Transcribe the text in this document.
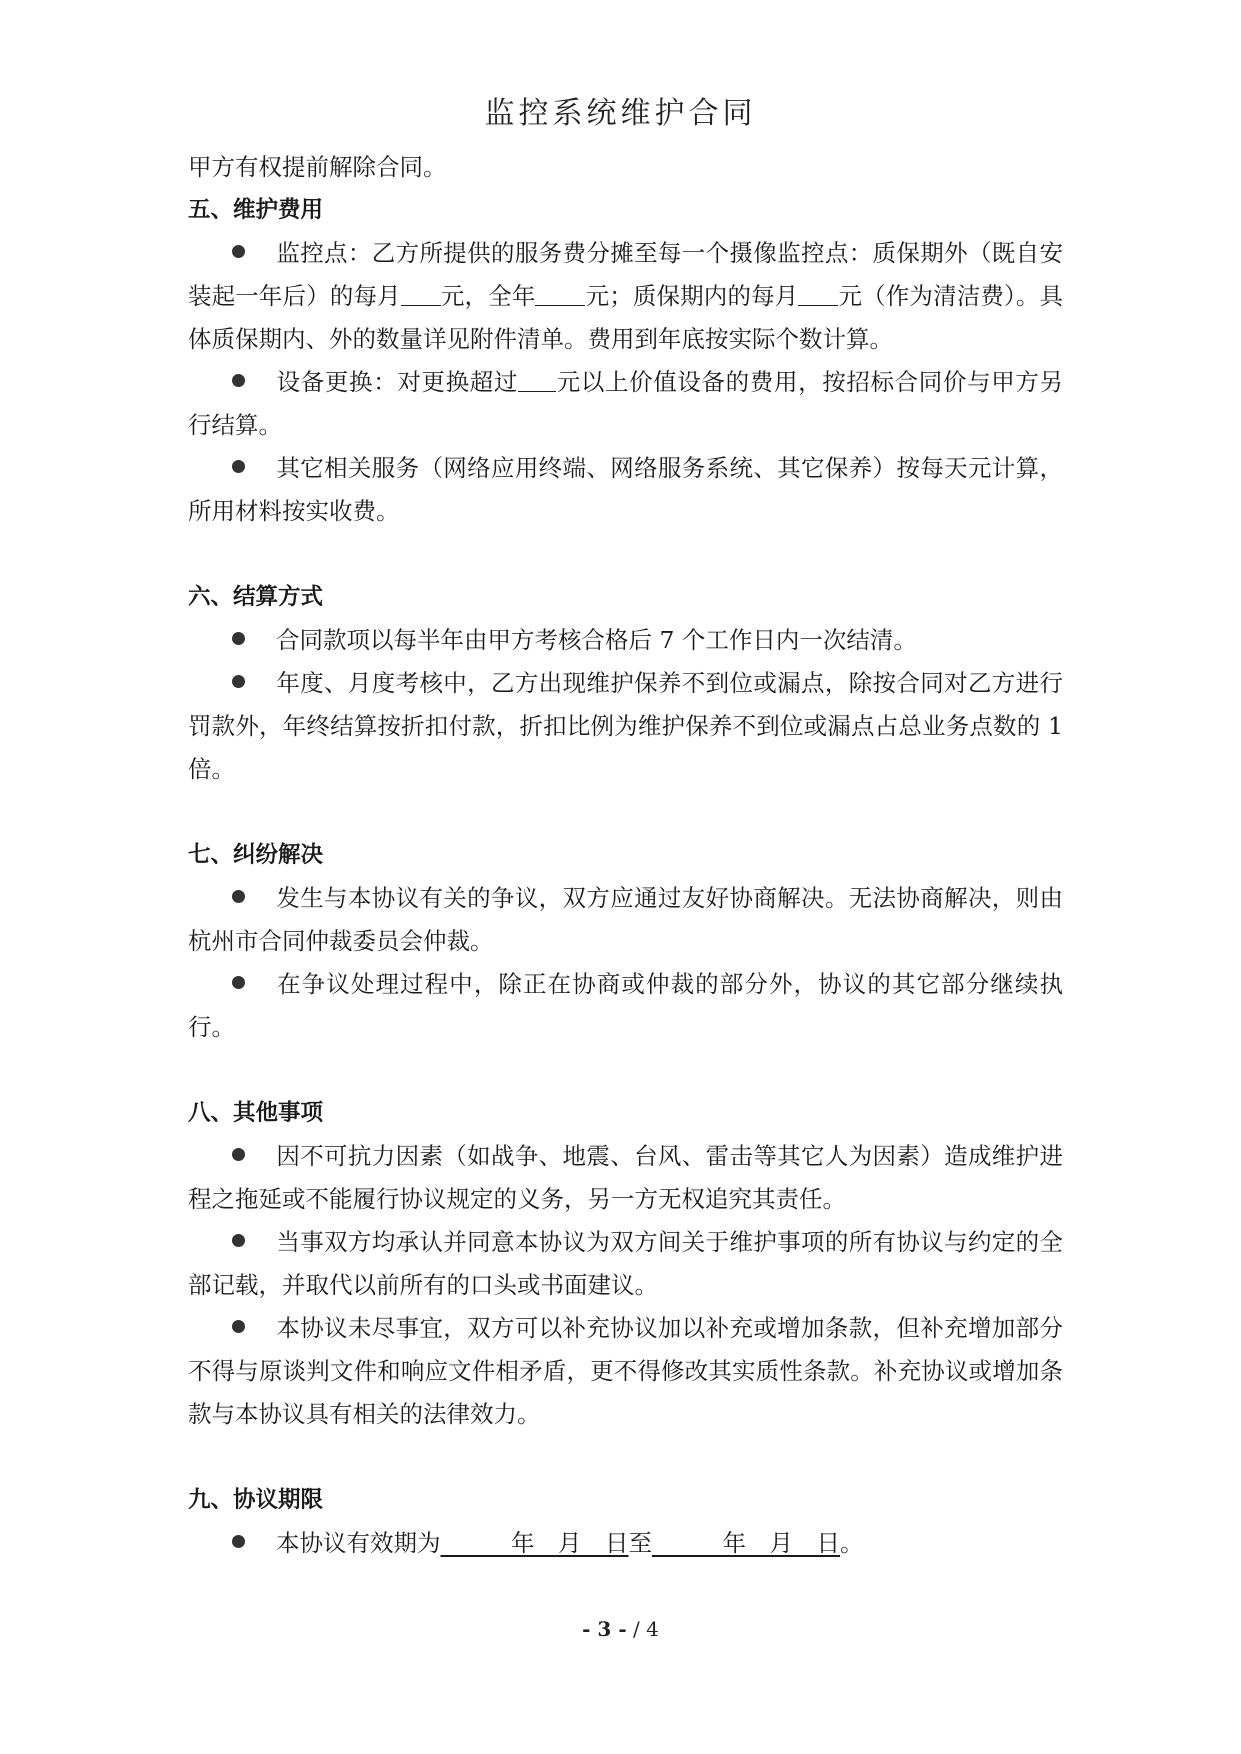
监控系统维护合同

甲方有权提前解除合同。

五、维护费用

监控点：乙方所提供的服务费分摊至每一个摄像监控点：质保期外（既自安装起一年后）的每月 元，全年 元；质保期内的每月 元（作为清洁费）。具体质保期内、外的数量详见附件清单。费用到年底按实际个数计算。

设备更换：对更换超过 元以上价值设备的费用，按招标合同价与甲方另行结算。

其它相关服务（网络应用终端、网络服务系统、其它保养）按每天元计算，所用材料按实收费。

六、结算方式

合同款项以每半年由甲方考核合格后 7 个工作日内一次结清。

年度、月度考核中，乙方出现维护保养不到位或漏点，除按合同对乙方进行罚款外，年终结算按折扣付款，折扣比例为维护保养不到位或漏点占总业务点数的 1 倍。

七、纠纷解决

发生与本协议有关的争议，双方应通过友好协商解决。无法协商解决，则由杭州市合同仲裁委员会仲裁。

在争议处理过程中，除正在协商或仲裁的部分外，协议的其它部分继续执行。

八、其他事项

因不可抗力因素（如战争、地震、台风、雷击等其它人为因素）造成维护进程之拖延或不能履行协议规定的义务，另一方无权追究其责任。

当事双方均承认并同意本协议为双方间关于维护事项的所有协议与约定的全部记载，并取代以前所有的口头或书面建议。

本协议未尽事宜，双方可以补充协议加以补充或增加条款，但补充增加部分不得与原谈判文件和响应文件相矛盾，更不得修改其实质性条款。补充协议或增加条款与本协议具有相关的法律效力。

九、协议期限

本协议有效期为　　　年　月　日至　　　年　月　日。

- 3 - / 4
